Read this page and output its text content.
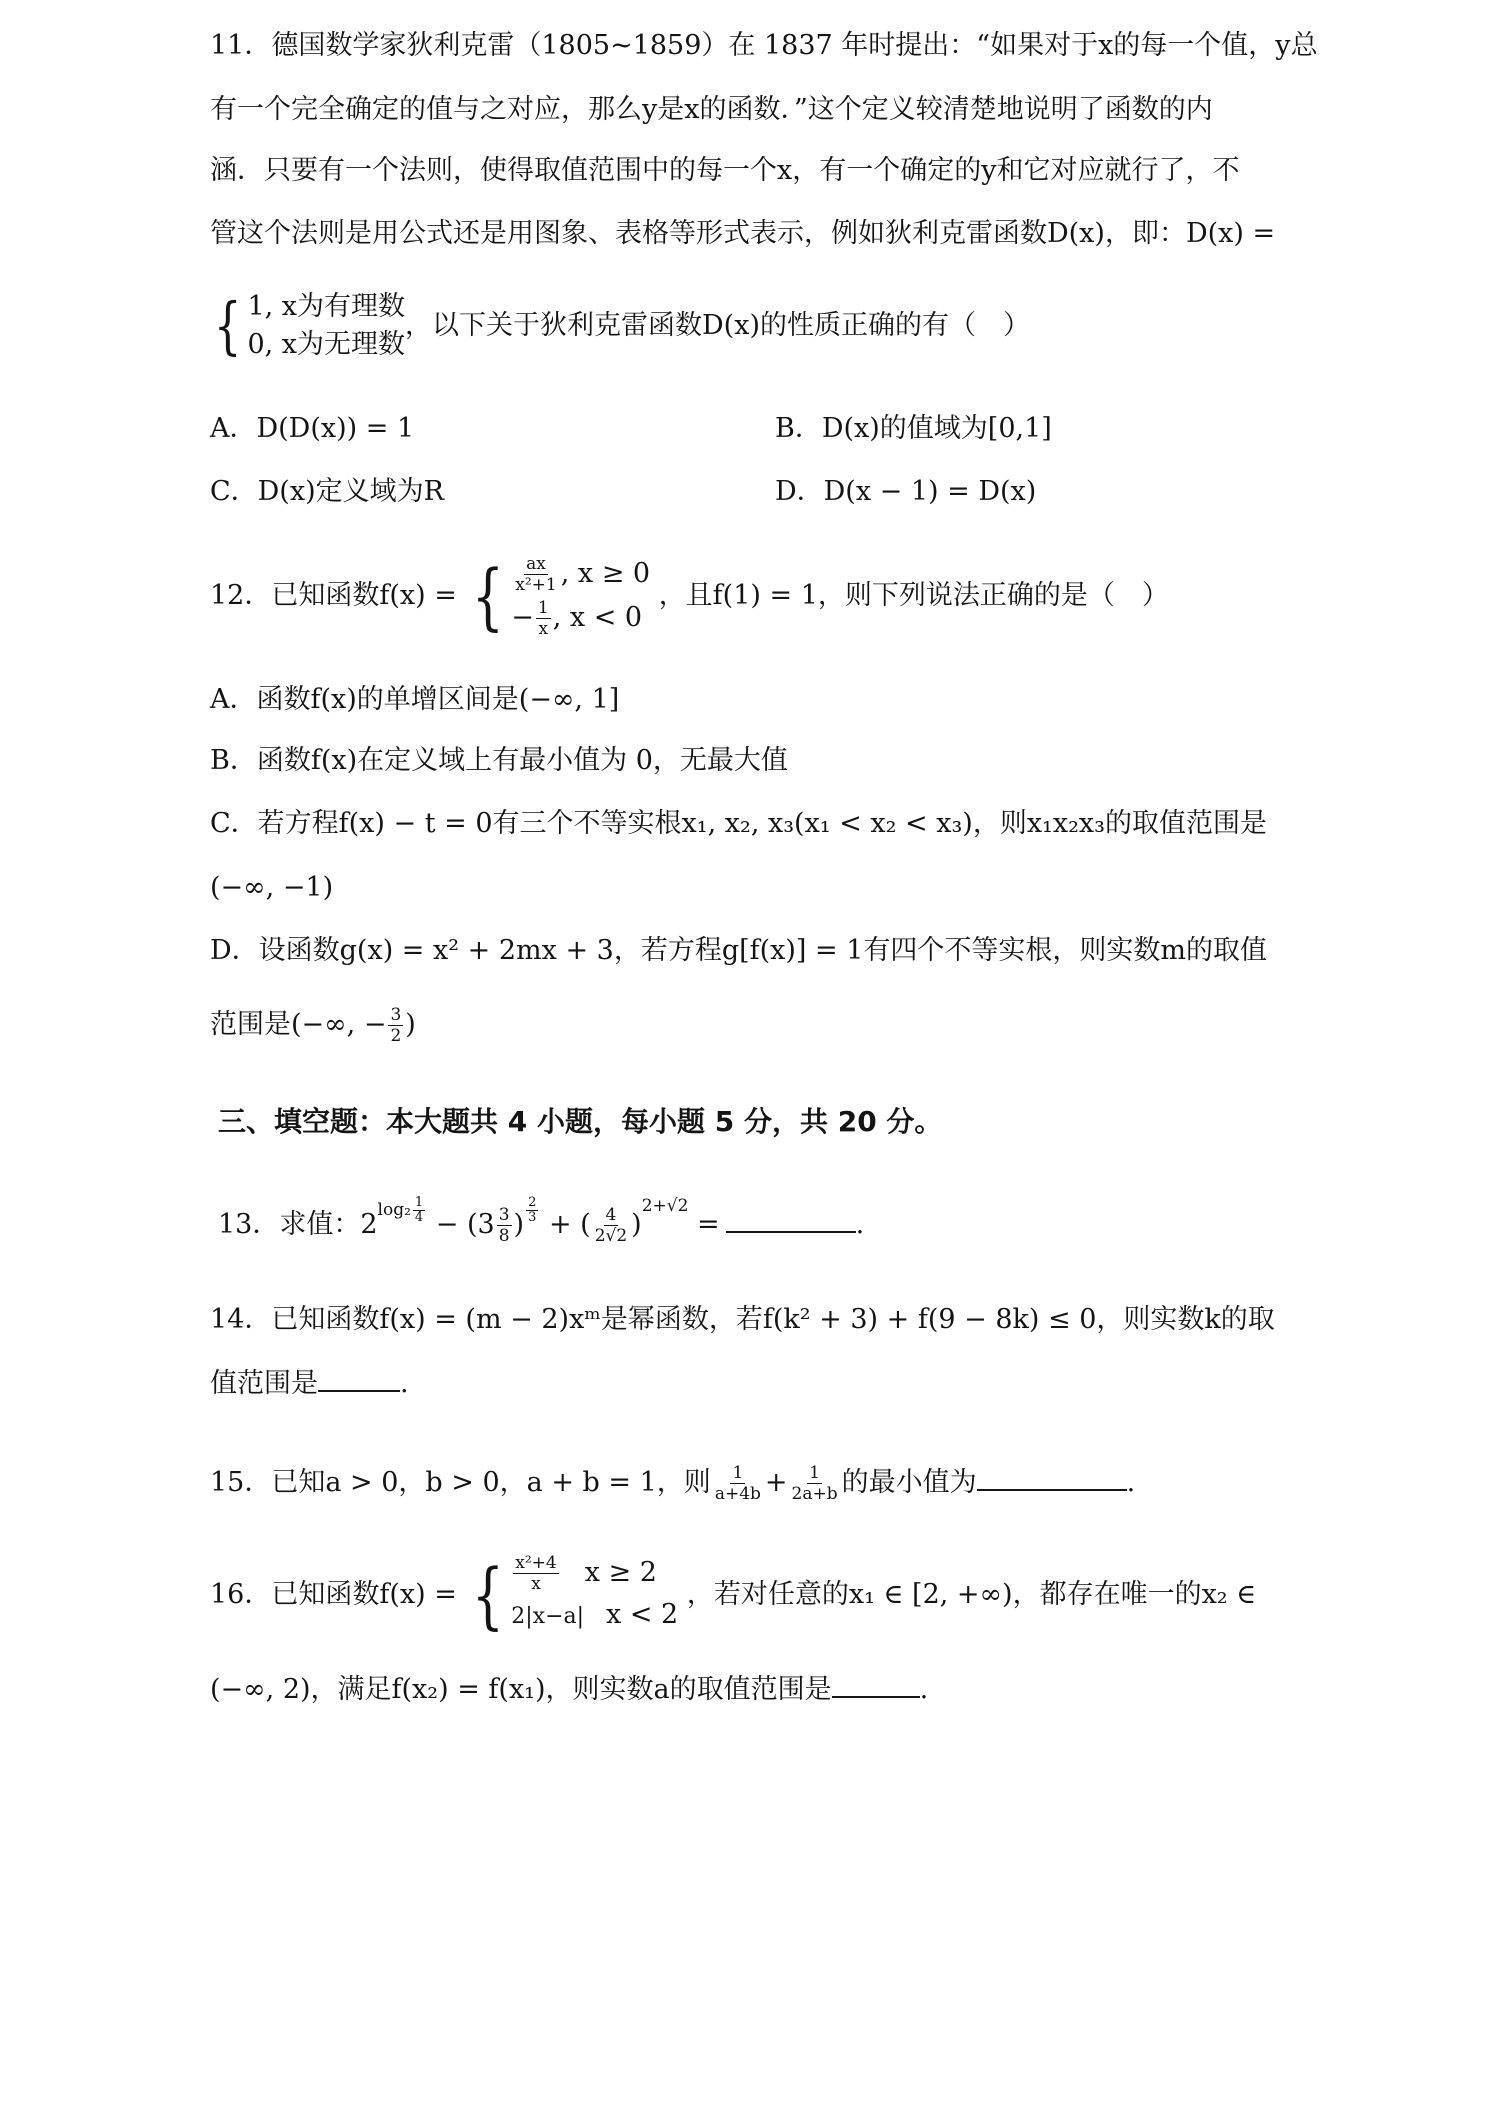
11．德国数学家狄利克雷（1805~1859）在 1837 年时提出：“如果对于x的每一个值，y总
有一个完全确定的值与之对应，那么y是x的函数．”这个定义较清楚地说明了函数的内
涵．只要有一个法则，使得取值范围中的每一个x，有一个确定的y和它对应就行了，不
管这个法则是用公式还是用图象、表格等形式表示，例如狄利克雷函数D(x)，即：D(x) =
{ 1, x为有理数
0, x为无理数
，以下关于狄利克雷函数D(x)的性质正确的有（　）
A．D(D(x)) = 1	B．D(x)的值域为[0,1]
C．D(x)定义域为R	D．D(x − 1) = D(x)
12．已知函数f(x) = { $\frac{ax}{\text{x²+1}}$ , x ≥ 0
− $\frac{1}{x}$ , x < 0
，且f(1) = 1，则下列说法正确的是（　）
A．函数f(x)的单增区间是(−∞, 1]
B．函数f(x)在定义域上有最小值为 0，无最大值
C．若方程f(x) − t = 0有三个不等实根x₁, x₂, x₃(x₁ < x₂ < x₃)，则x₁x₂x₃的取值范围是
(−∞, −1)
D．设函数g(x) = x² + 2mx + 3，若方程g[f(x)] = 1有四个不等实根，则实数m的取值
范围是(−∞, − $\frac{3}{2}$ )
三、填空题：本大题共 4 小题，每小题 5 分，共 20 分。
13．求值：$2^{log_2 \frac{1}{4}} - (3 \frac{3}{8}$ ) $^{\frac{2}{3}}$ + ( $\frac{4}{2√2} )^{2+√2}$ =	.
14．已知函数f(x) = (m − 2)xᵐ是幂函数，若f(k² + 3) + f(9 − 8k) ≤ 0，则实数k的取
值范围是	.
15．已知a > 0，b > 0，a + b = 1，则 $\frac{1}{a+4b} + \frac{1}{2a+b}$ 的最小值为	.
16．已知函数f(x) = { $\frac{\text{x²+4}}{x}$ x ≥ 2
2|x−a| x < 2
，若对任意的x₁ ∈ [2, +∞)，都存在唯一的x₂ ∈
(−∞, 2)，满足f(x₂) = f(x₁)，则实数a的取值范围是	.
